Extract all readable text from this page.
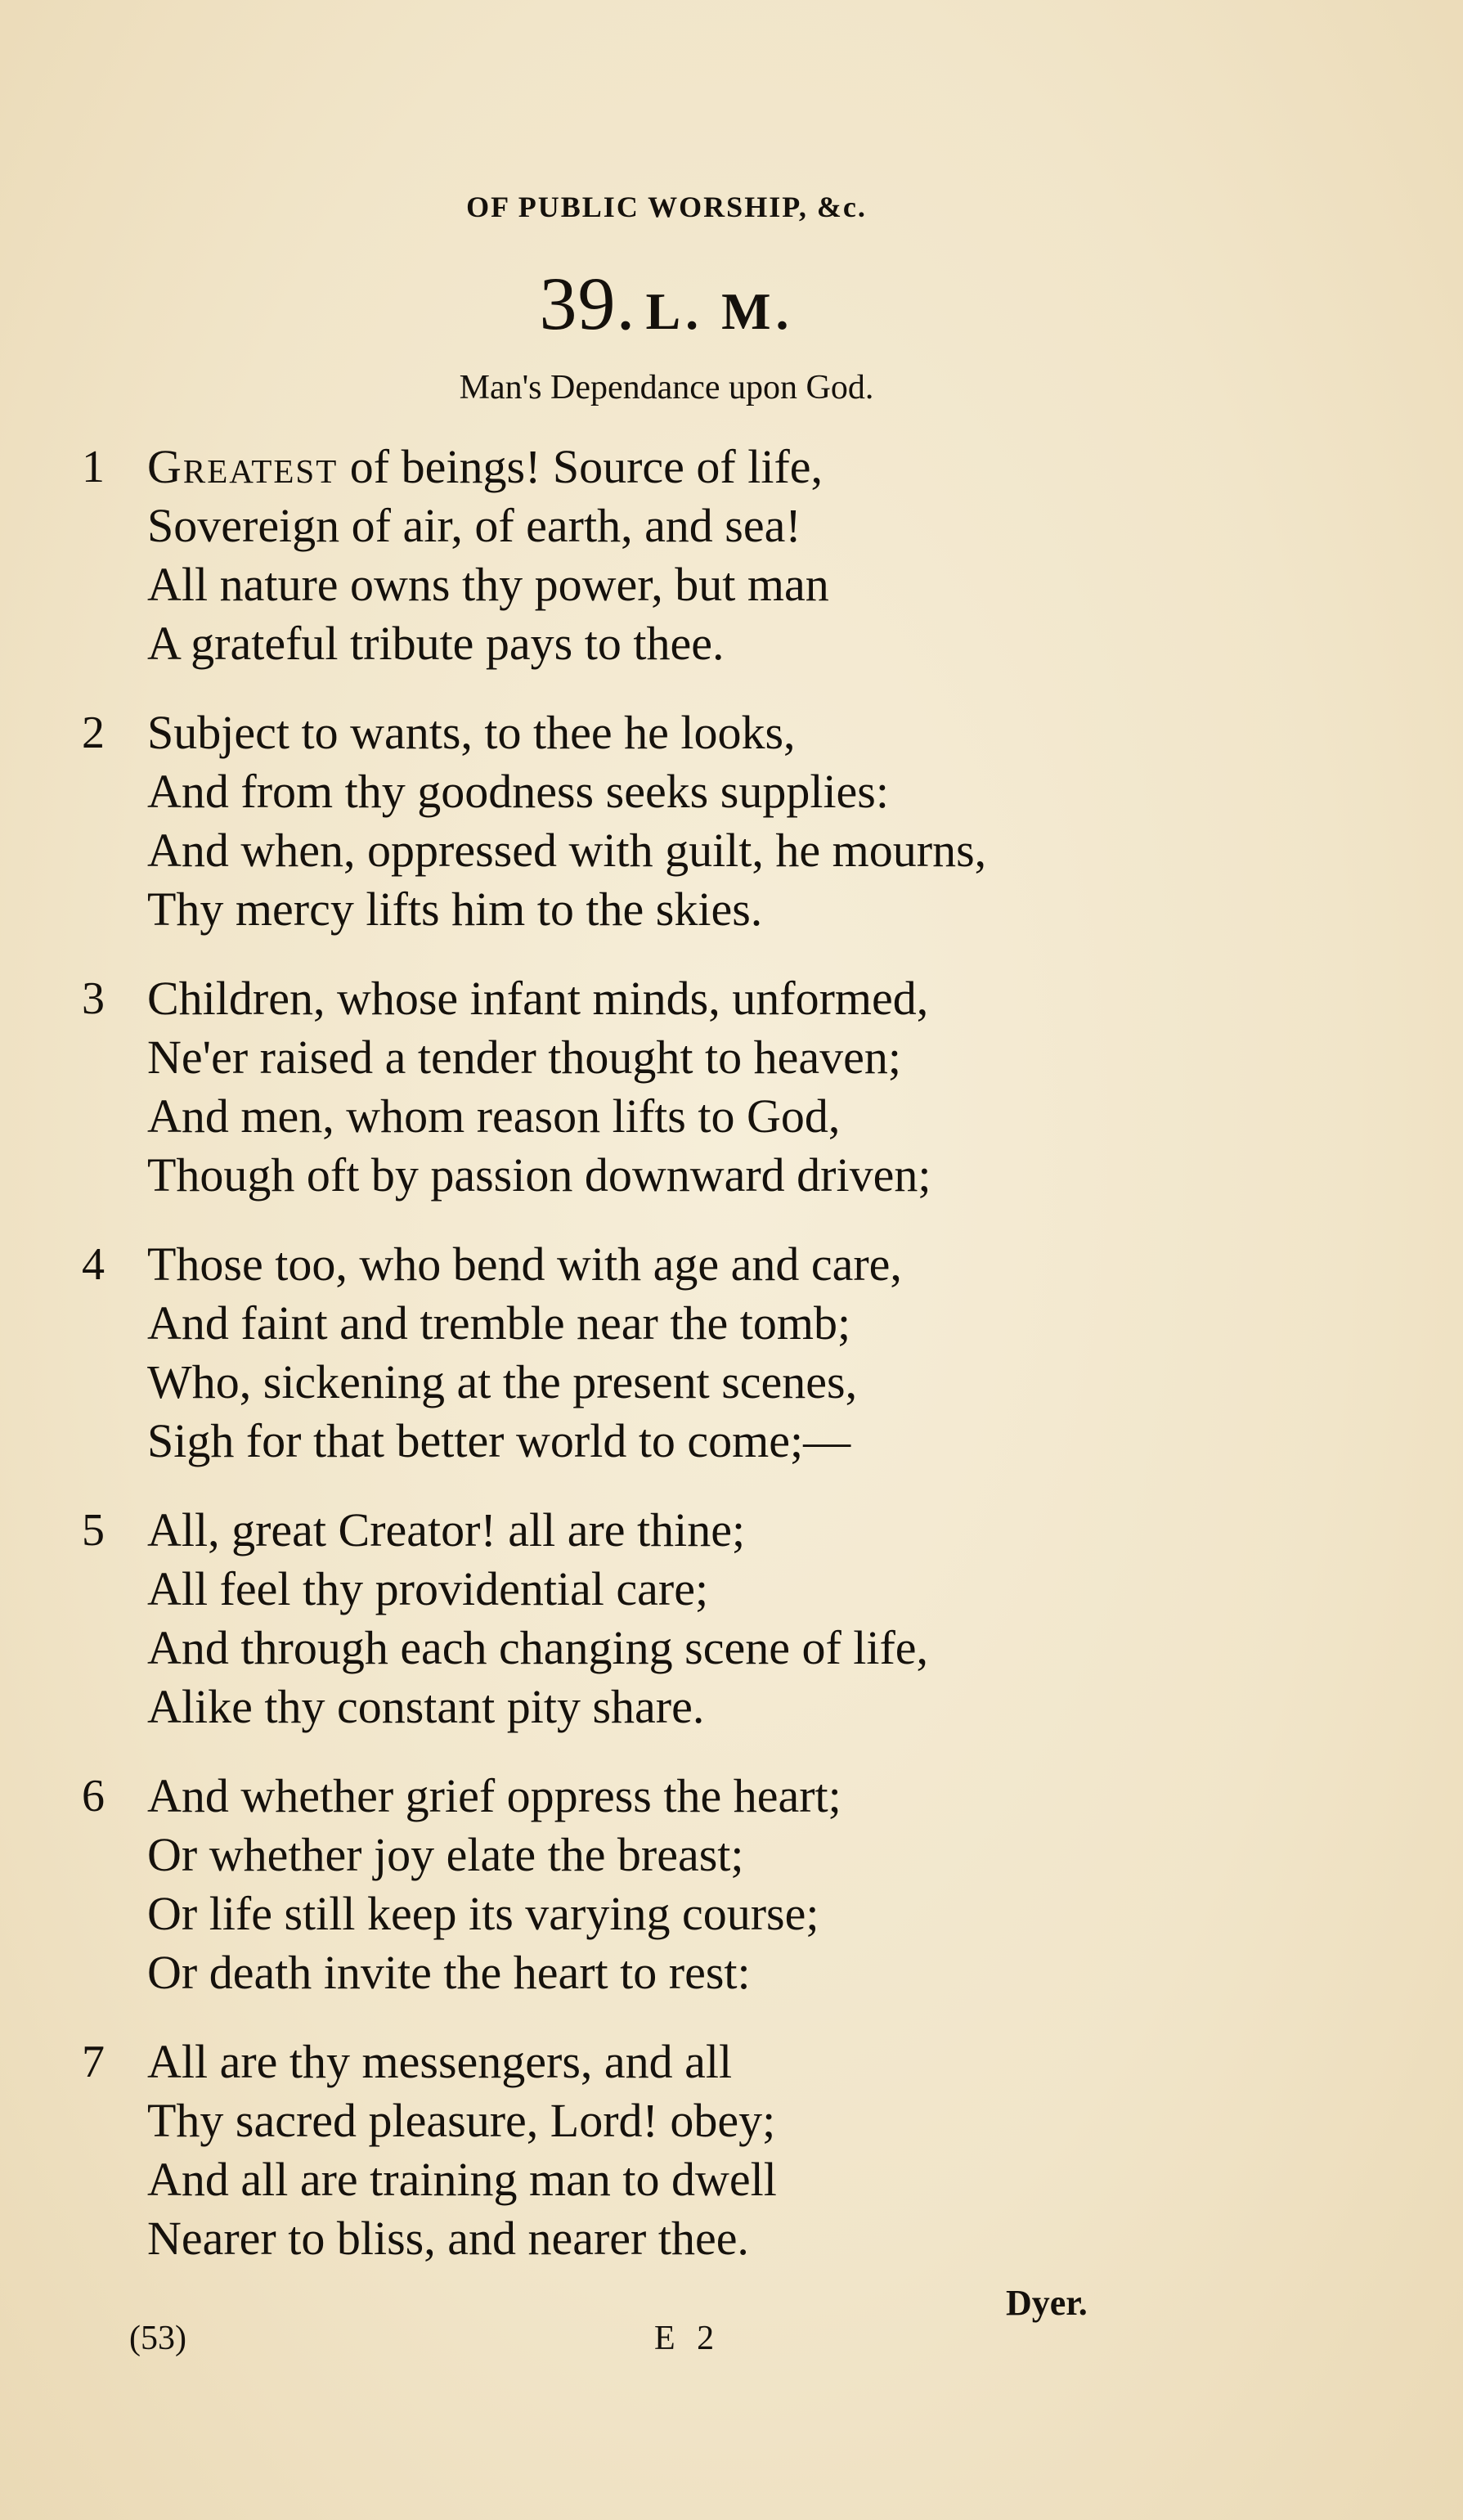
OF PUBLIC WORSHIP, &c.
39. L. M.
Man's Dependance upon God.
1 Greatest of beings! Source of life,
Sovereign of air, of earth, and sea!
All nature owns thy power, but man
A grateful tribute pays to thee.
2 Subject to wants, to thee he looks,
And from thy goodness seeks supplies:
And when, oppressed with guilt, he mourns,
Thy mercy lifts him to the skies.
3 Children, whose infant minds, unformed,
Ne'er raised a tender thought to heaven;
And men, whom reason lifts to God,
Though oft by passion downward driven;
4 Those too, who bend with age and care,
And faint and tremble near the tomb;
Who, sickening at the present scenes,
Sigh for that better world to come;—
5 All, great Creator! all are thine;
All feel thy providential care;
And through each changing scene of life,
Alike thy constant pity share.
6 And whether grief oppress the heart;
Or whether joy elate the breast;
Or life still keep its varying course;
Or death invite the heart to rest:
7 All are thy messengers, and all
Thy sacred pleasure, Lord! obey;
And all are training man to dwell
Nearer to bliss, and nearer thee.
Dyer.
(53)	E 2
